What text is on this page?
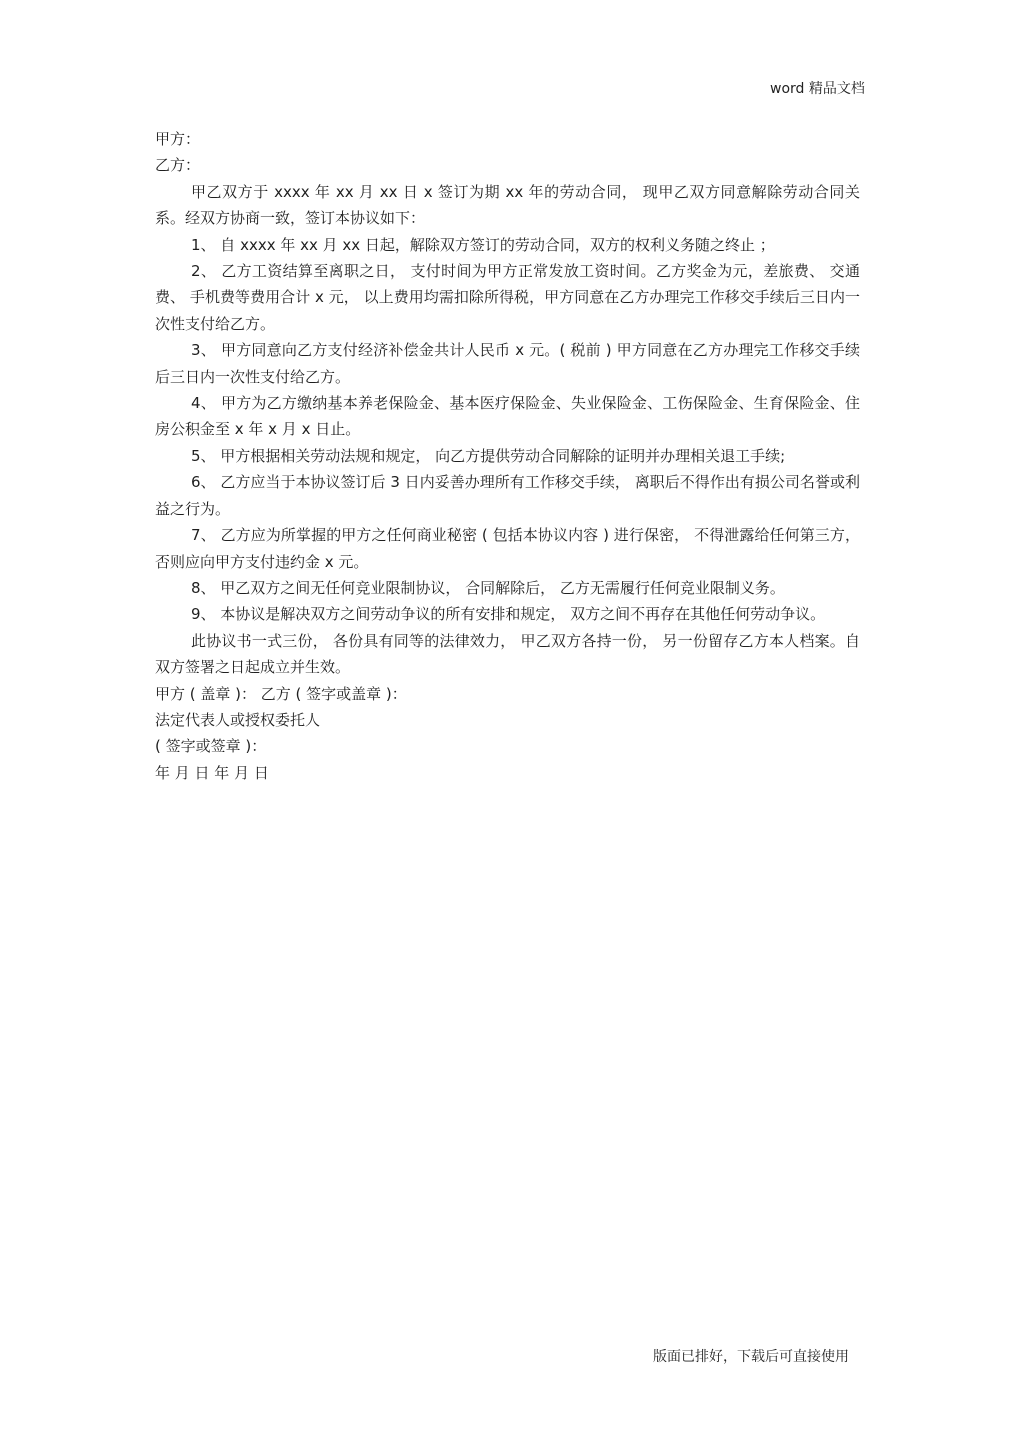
word 精品文档

甲方：

乙方：

甲乙双方于 xxxx 年 xx 月 xx 日 x 签订为期 xx 年的劳动合同， 现甲乙双方同意解除劳动合同关系。经双方协商一致，签订本协议如下：

1、 自 xxxx 年 xx 月 xx 日起，解除双方签订的劳动合同，双方的权利义务随之终止 ；

2、 乙方工资结算至离职之日， 支付时间为甲方正常发放工资时间。乙方奖金为元，差旅费、 交通费、 手机费等费用合计 x 元， 以上费用均需扣除所得税，甲方同意在乙方办理完工作移交手续后三日内一次性支付给乙方。

3、 甲方同意向乙方支付经济补偿金共计人民币 x 元。( 税前 ) 甲方同意在乙方办理完工作移交手续后三日内一次性支付给乙方。

4、 甲方为乙方缴纳基本养老保险金、基本医疗保险金、失业保险金、工伤保险金、生育保险金、住房公积金至 x 年 x 月 x 日止。

5、 甲方根据相关劳动法规和规定， 向乙方提供劳动合同解除的证明并办理相关退工手续;

6、 乙方应当于本协议签订后 3 日内妥善办理所有工作移交手续， 离职后不得作出有损公司名誉或利益之行为。

7、 乙方应为所掌握的甲方之任何商业秘密 ( 包括本协议内容 ) 进行保密， 不得泄露给任何第三方，否则应向甲方支付违约金 x 元。

8、 甲乙双方之间无任何竞业限制协议， 合同解除后， 乙方无需履行任何竞业限制义务。

9、 本协议是解决双方之间劳动争议的所有安排和规定， 双方之间不再存在其他任何劳动争议。

此协议书一式三份， 各份具有同等的法律效力， 甲乙双方各持一份， 另一份留存乙方本人档案。自双方签署之日起成立并生效。

甲方 ( 盖章 )： 乙方 ( 签字或盖章 )：

法定代表人或授权委托人

( 签字或签章 )：

年 月 日 年 月 日

版面已排好，下载后可直接使用
